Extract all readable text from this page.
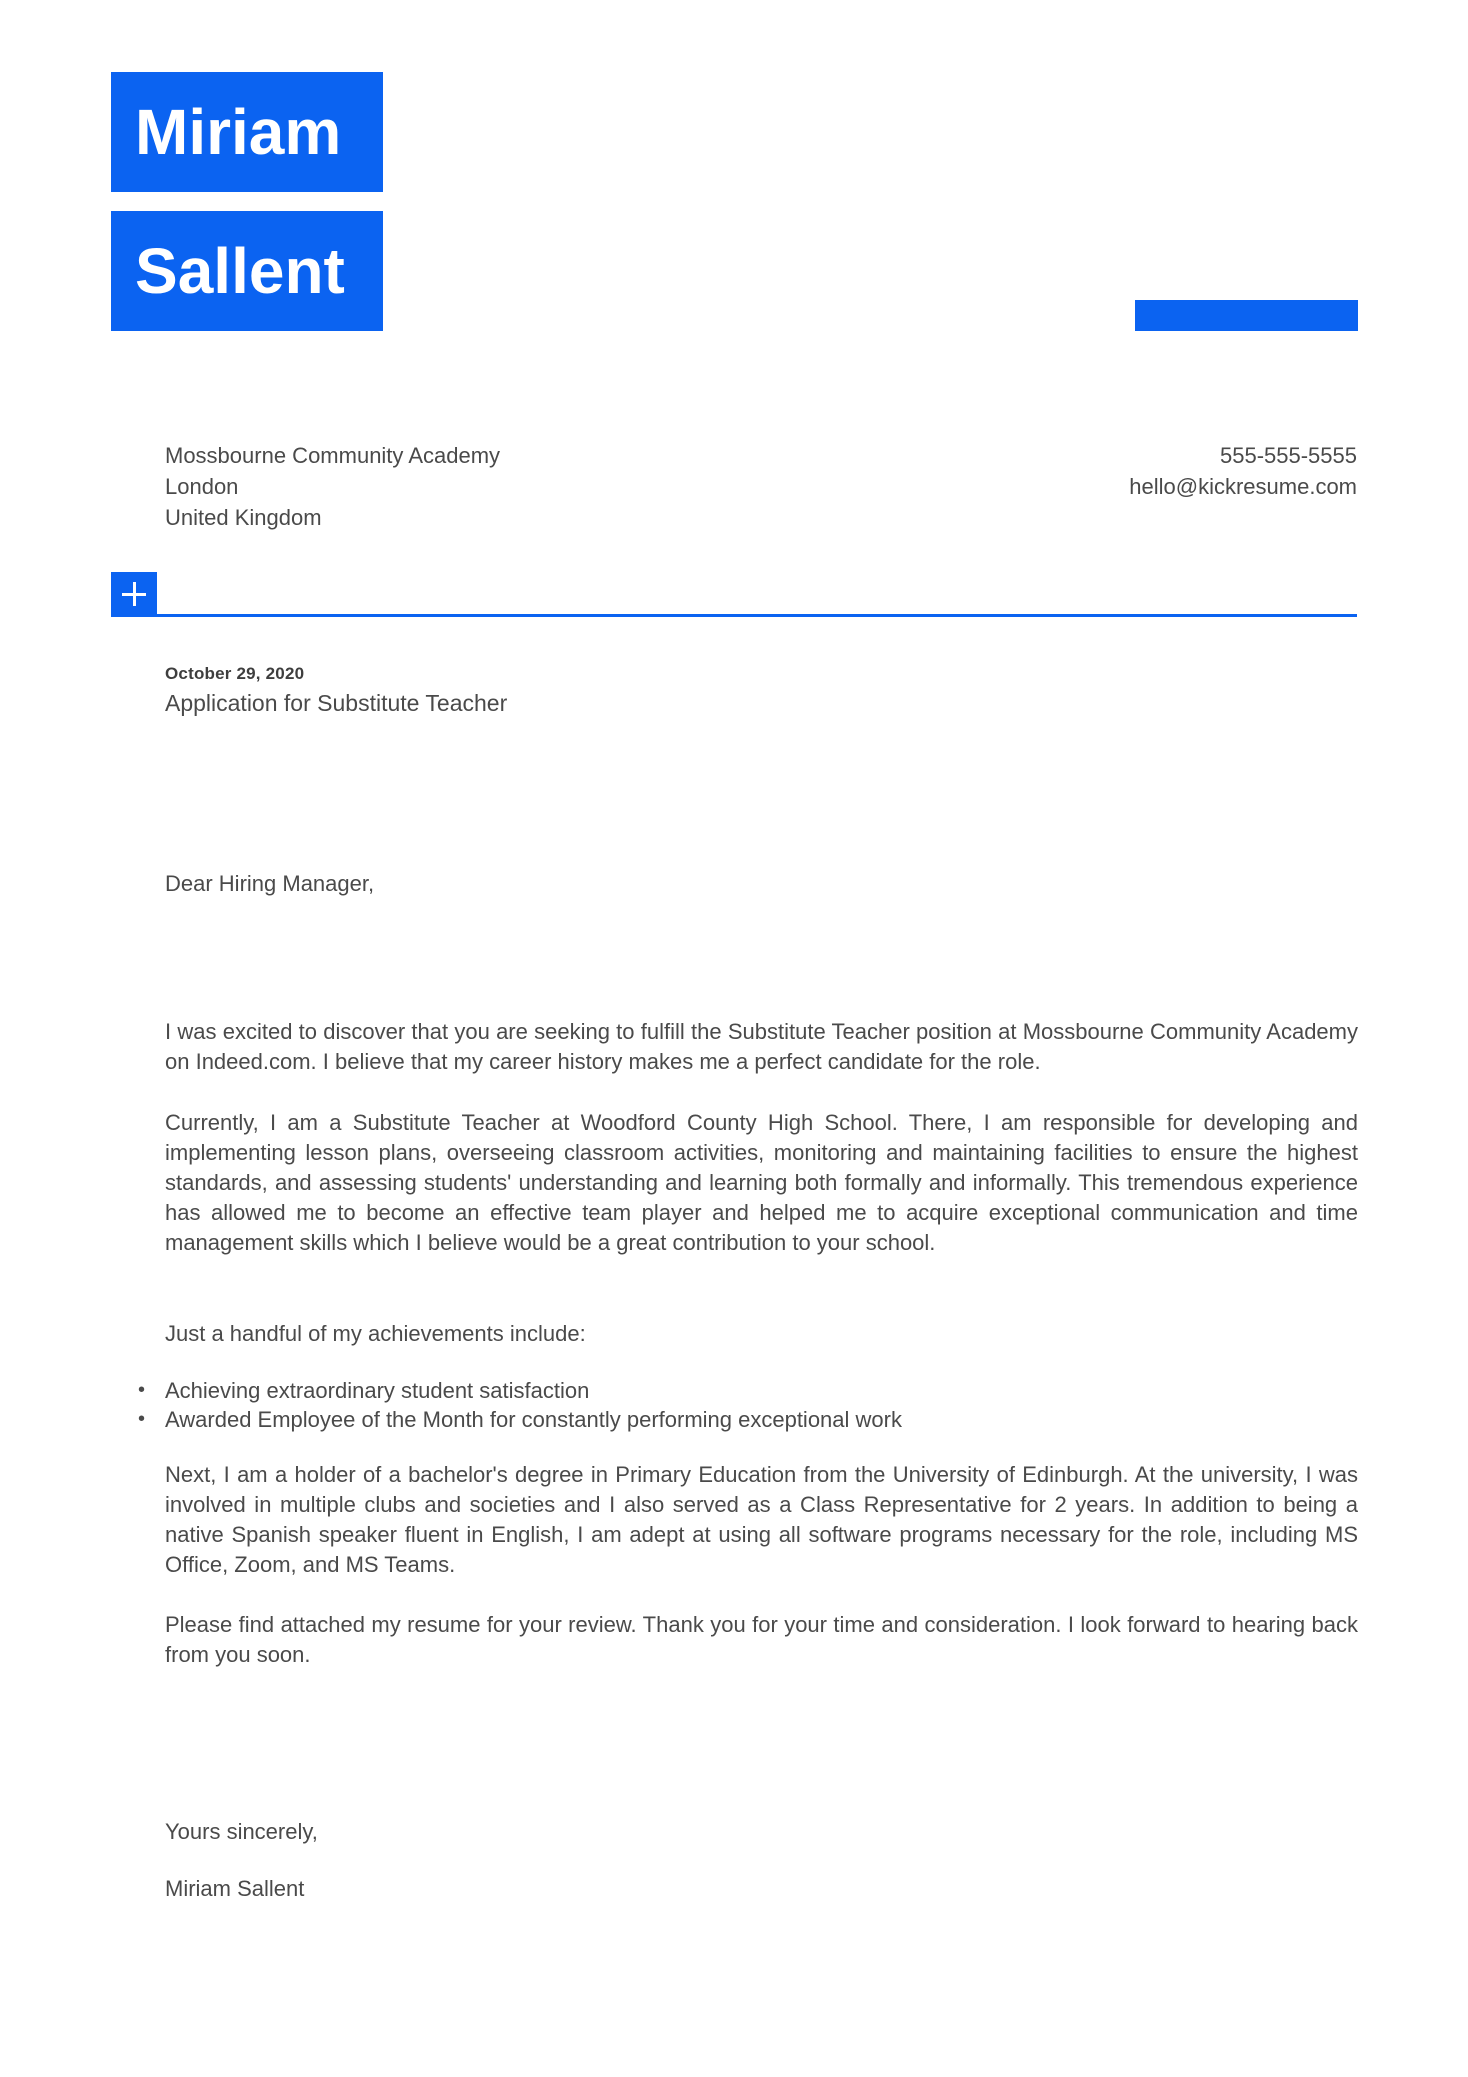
Miriam
Sallent
Mossbourne Community Academy
London
United Kingdom
555-555-5555
hello@kickresume.com
October 29, 2020
Application for Substitute Teacher
Dear Hiring Manager,
I was excited to discover that you are seeking to fulfill the Substitute Teacher position at Mossbourne Community Academy on Indeed.com. I believe that my career history makes me a perfect candidate for the role.
Currently, I am a Substitute Teacher at Woodford County High School. There, I am responsible for developing and implementing lesson plans, overseeing classroom activities, monitoring and maintaining facilities to ensure the highest standards, and assessing students' understanding and learning both formally and informally. This tremendous experience has allowed me to become an effective team player and helped me to acquire exceptional communication and time management skills which I believe would be a great contribution to your school.
Just a handful of my achievements include:
• Achieving extraordinary student satisfaction
• Awarded Employee of the Month for constantly performing exceptional work
Next, I am a holder of a bachelor's degree in Primary Education from the University of Edinburgh. At the university, I was involved in multiple clubs and societies and I also served as a Class Representative for 2 years. In addition to being a native Spanish speaker fluent in English, I am adept at using all software programs necessary for the role, including MS Office, Zoom, and MS Teams.
Please find attached my resume for your review. Thank you for your time and consideration. I look forward to hearing back from you soon.
Yours sincerely,
Miriam Sallent
